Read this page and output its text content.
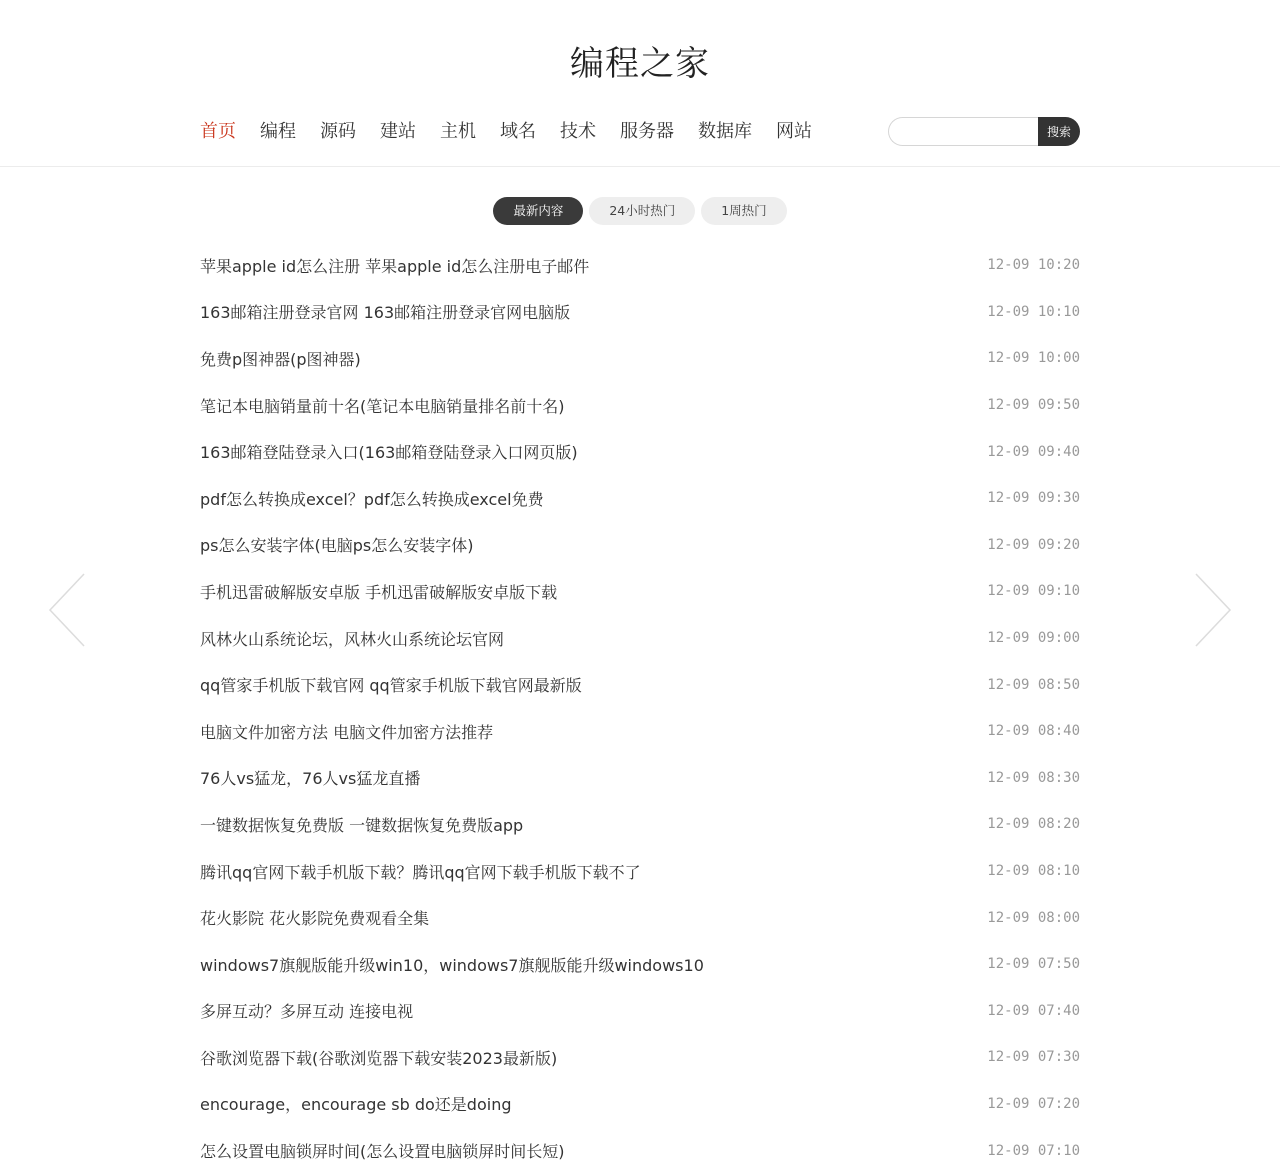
编程之家
首页 编程 源码 建站 主机 域名 技术 服务器 数据库 网站	搜索
最新内容	24小时热门	1周热门
苹果apple id怎么注册 苹果apple id怎么注册电子邮件	12-09 10:20
163邮箱注册登录官网 163邮箱注册登录官网电脑版	12-09 10:10
免费p图神器(p图神器)	12-09 10:00
笔记本电脑销量前十名(笔记本电脑销量排名前十名)	12-09 09:50
163邮箱登陆登录入口(163邮箱登陆登录入口网页版)	12-09 09:40
pdf怎么转换成excel？pdf怎么转换成excel免费	12-09 09:30
ps怎么安装字体(电脑ps怎么安装字体)	12-09 09:20
手机迅雷破解版安卓版 手机迅雷破解版安卓版下载	12-09 09:10
风林火山系统论坛，风林火山系统论坛官网	12-09 09:00
qq管家手机版下载官网 qq管家手机版下载官网最新版	12-09 08:50
电脑文件加密方法 电脑文件加密方法推荐	12-09 08:40
76人vs猛龙，76人vs猛龙直播	12-09 08:30
一键数据恢复免费版 一键数据恢复免费版app	12-09 08:20
腾讯qq官网下载手机版下载？腾讯qq官网下载手机版下载不了	12-09 08:10
花火影院 花火影院免费观看全集	12-09 08:00
windows7旗舰版能升级win10，windows7旗舰版能升级windows10	12-09 07:50
多屏互动？多屏互动 连接电视	12-09 07:40
谷歌浏览器下载(谷歌浏览器下载安装2023最新版)	12-09 07:30
encourage，encourage sb do还是doing	12-09 07:20
怎么设置电脑锁屏时间(怎么设置电脑锁屏时间长短)	12-09 07:10
